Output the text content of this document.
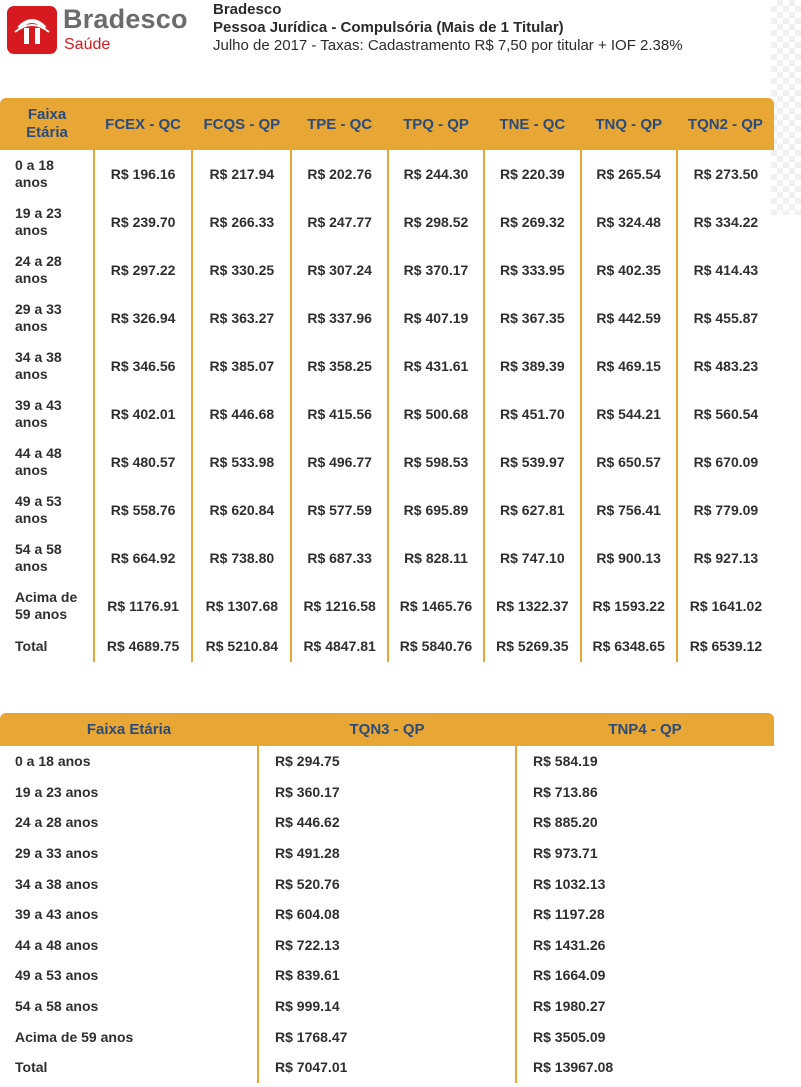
Bradesco
Saúde
Bradesco
Pessoa Jurídica - Compulsória (Mais de 1 Titular)
Julho de 2017 - Taxas: Cadastramento R$ 7,50 por titular + IOF 2.38%
Faixa
Etária	FCEX - QC	FCQS - QP	TPE - QC	TPQ - QP	TNE - QC	TNQ - QP	TQN2 - QP
0 a 18
anos	R$ 196.16	R$ 217.94	R$ 202.76	R$ 244.30	R$ 220.39	R$ 265.54	R$ 273.50
19 a 23
anos	R$ 239.70	R$ 266.33	R$ 247.77	R$ 298.52	R$ 269.32	R$ 324.48	R$ 334.22
24 a 28
anos	R$ 297.22	R$ 330.25	R$ 307.24	R$ 370.17	R$ 333.95	R$ 402.35	R$ 414.43
29 a 33
anos	R$ 326.94	R$ 363.27	R$ 337.96	R$ 407.19	R$ 367.35	R$ 442.59	R$ 455.87
34 a 38
anos	R$ 346.56	R$ 385.07	R$ 358.25	R$ 431.61	R$ 389.39	R$ 469.15	R$ 483.23
39 a 43
anos	R$ 402.01	R$ 446.68	R$ 415.56	R$ 500.68	R$ 451.70	R$ 544.21	R$ 560.54
44 a 48
anos	R$ 480.57	R$ 533.98	R$ 496.77	R$ 598.53	R$ 539.97	R$ 650.57	R$ 670.09
49 a 53
anos	R$ 558.76	R$ 620.84	R$ 577.59	R$ 695.89	R$ 627.81	R$ 756.41	R$ 779.09
54 a 58
anos	R$ 664.92	R$ 738.80	R$ 687.33	R$ 828.11	R$ 747.10	R$ 900.13	R$ 927.13
Acima de
59 anos	R$ 1176.91	R$ 1307.68	R$ 1216.58	R$ 1465.76	R$ 1322.37	R$ 1593.22	R$ 1641.02
Total	R$ 4689.75	R$ 5210.84	R$ 4847.81	R$ 5840.76	R$ 5269.35	R$ 6348.65	R$ 6539.12
Faixa Etária	TQN3 - QP	TNP4 - QP
0 a 18 anos	R$ 294.75	R$ 584.19
19 a 23 anos	R$ 360.17	R$ 713.86
24 a 28 anos	R$ 446.62	R$ 885.20
29 a 33 anos	R$ 491.28	R$ 973.71
34 a 38 anos	R$ 520.76	R$ 1032.13
39 a 43 anos	R$ 604.08	R$ 1197.28
44 a 48 anos	R$ 722.13	R$ 1431.26
49 a 53 anos	R$ 839.61	R$ 1664.09
54 a 58 anos	R$ 999.14	R$ 1980.27
Acima de 59 anos	R$ 1768.47	R$ 3505.09
Total	R$ 7047.01	R$ 13967.08
